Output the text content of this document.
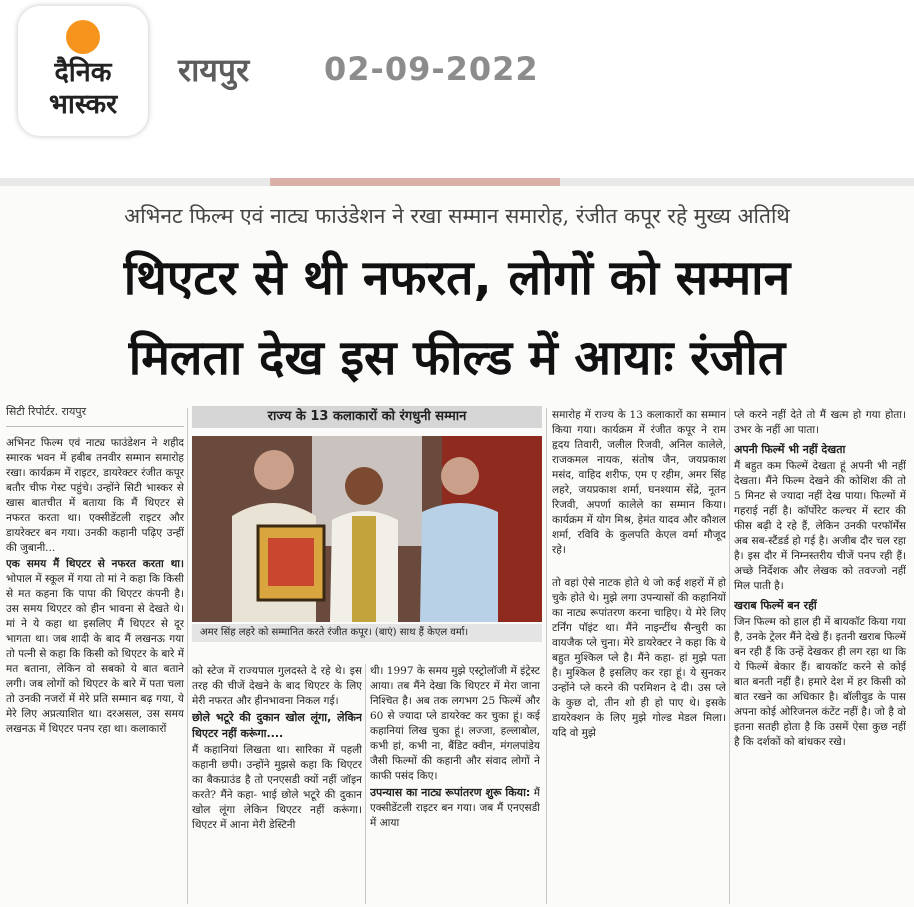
दैनिक
भास्कर
रायपुर 02-09-2022
अभिनट फिल्म एवं नाट्य फाउंडेशन ने रखा सम्मान समारोह, रंजीत कपूर रहे मुख्य अतिथि
थिएटर से थी नफरत, लोगों को सम्मान
मिलता देख इस फील्ड में आयाः रंजीत
सिटी रिपोर्टर. रायपुर

अभिनट फिल्म एवं नाट्य फाउंडेशन ने शहीद स्मारक भवन में हबीब तनवीर सम्मान समारोह रखा। कार्यक्रम में राइटर, डायरेक्टर रंजीत कपूर बतौर चीफ गेस्ट पहुंचे। उन्होंने सिटी भास्कर से खास बातचीत में बताया कि मैं थिएटर से नफरत करता था। एक्सीडेंटली राइटर और डायरेक्टर बन गया। उनकी कहानी पढ़िए उन्हीं की जुबानी...

एक समय मैं थिएटर से नफरत करता था। भोपाल में स्कूल में गया तो मां ने कहा कि किसी से मत कहना कि पापा की थिएटर कंपनी है। उस समय थिएटर को हीन भावना से देखते थे। मां ने ये कहा था इसलिए मैं थिएटर से दूर भागता था। जब शादी के बाद मैं लखनऊ गया तो पत्नी से कहा कि किसी को थिएटर के बारे में मत बताना, लेकिन वो सबको ये बात बताने लगी। जब लोगों को थिएटर के बारे में पता चला तो उनकी नजरों में मेरे प्रति सम्मान बढ़ गया, ये मेरे लिए अप्रत्याशित था। दरअसल, उस समय लखनऊ में थिएटर पनप रहा था। कलाकारों

राज्य के 13 कलाकारों को रंगधुनी सम्मान
अमर सिंह लहरे को सम्मानित करते रंजीत कपूर। (बाएं) साथ हैं केएल वर्मा।

को स्टेज में राज्यपाल गुलदस्ते दे रहे थे। इस तरह की चीजें देखने के बाद थिएटर के लिए मेरी नफरत और हीनभावना निकल गई।

छोले भटूरे की दुकान खोल लूंगा, लेकिन थिएटर नहीं करूंगा....

मैं कहानियां लिखता था। सारिका में पहली कहानी छपी। उन्होंने मुझसे कहा कि थिएटर का बैकग्राउंड है तो एनएसडी क्यों नहीं जॉइन करते? मैंने कहा- भाई छोले भटूरे की दुकान खोल लूंगा लेकिन थिएटर नहीं करूंगा। थिएटर में आना मेरी डेस्टिनी

थी। 1997 के समय मुझे एस्ट्रोलॉजी में इंट्रेस्ट आया। तब मैंने देखा कि थिएटर में मेरा जाना निश्चित है। अब तक लगभग 25 फिल्में और 60 से ज्यादा प्ले डायरेक्ट कर चुका हूं। कई कहानियां लिख चुका हूं। लज्जा, हल्लाबोल, कभी हां, कभी ना, बैंडिट क्वीन, मंगलपांडेय जैसी फिल्मों की कहानी और संवाद लोगों ने काफी पसंद किए।

उपन्यास का नाट्य रूपांतरण शुरू किया: मैं एक्सीडेंटली राइटर बन गया। जब मैं एनएसडी में आया

समारोह में राज्य के 13 कलाकारों का सम्मान किया गया। कार्यक्रम में रंजीत कपूर ने राम हृदय तिवारी, जलील रिजवी, अनिल कालेले, राजकमल नायक, संतोष जैन, जयप्रकाश मसंद, वाहिद शरीफ, एम ए रहीम, अमर सिंह लहरे, जयप्रकाश शर्मा, घनश्याम सेंद्रे, नूतन रिजवी, अपर्णा कालेले का सम्मान किया। कार्यक्रम में योग मिश्र, हेमंत यादव और कौशल शर्मा, रविवि के कुलपति केएल वर्मा मौजूद रहे।

तो वहां ऐसे नाटक होते थे जो कई शहरों में हो चुके होते थे। मुझे लगा उपन्यासों की कहानियों का नाट्य रूपांतरण करना चाहिए। ये मेरे लिए टर्निंग पॉइंट था। मैंने नाइन्टींथ सैन्चुरी का वायजैक प्ले चुना। मेरे डायरेक्टर ने कहा कि ये बहुत मुश्किल प्ले है। मैंने कहा- हां मुझे पता है। मुश्किल है इसलिए कर रहा हूं। ये सुनकर उन्होंने प्ले करने की परमिशन दे दी। उस प्ले के कुछ दो, तीन शो ही हो पाए थे। इसके डायरेक्शन के लिए मुझे गोल्ड मेडल मिला। यदि वो मुझे

प्ले करने नहीं देते तो मैं खत्म हो गया होता। उभर के नहीं आ पाता।

अपनी फिल्में भी नहीं देखता

मैं बहुत कम फिल्में देखता हूं अपनी भी नहीं देखता। मैंने फिल्म देखने की कोशिश की तो 5 मिनट से ज्यादा नहीं देख पाया। फिल्मों में गहराई नहीं है। कॉर्पोरेट कल्चर में स्टार की फीस बढ़ी दे रहे हैं, लेकिन उनकी परफॉर्मेंस अब सब-स्टैंडर्ड हो गई है। अजीब दौर चल रहा है। इस दौर में निम्नस्तरीय चीजें पनप रही हैं। अच्छे निर्देशक और लेखक को तवज्जो नहीं मिल पाती है।

खराब फिल्में बन रहीं

जिन फिल्म को हाल ही में बायकॉट किया गया है, उनके ट्रेलर मैंने देखे हैं। इतनी खराब फिल्में बन रही हैं कि उन्हें देखकर ही लग रहा था कि ये फिल्में बेकार हैं। बायकॉट करने से कोई बात बनती नहीं है। हमारे देश में हर किसी को बात रखने का अधिकार है। बॉलीवुड के पास अपना कोई ओरिजनल कंटेंट नहीं है। जो है वो इतना सतही होता है कि उसमें ऐसा कुछ नहीं है कि दर्शकों को बांधकर रखे।
